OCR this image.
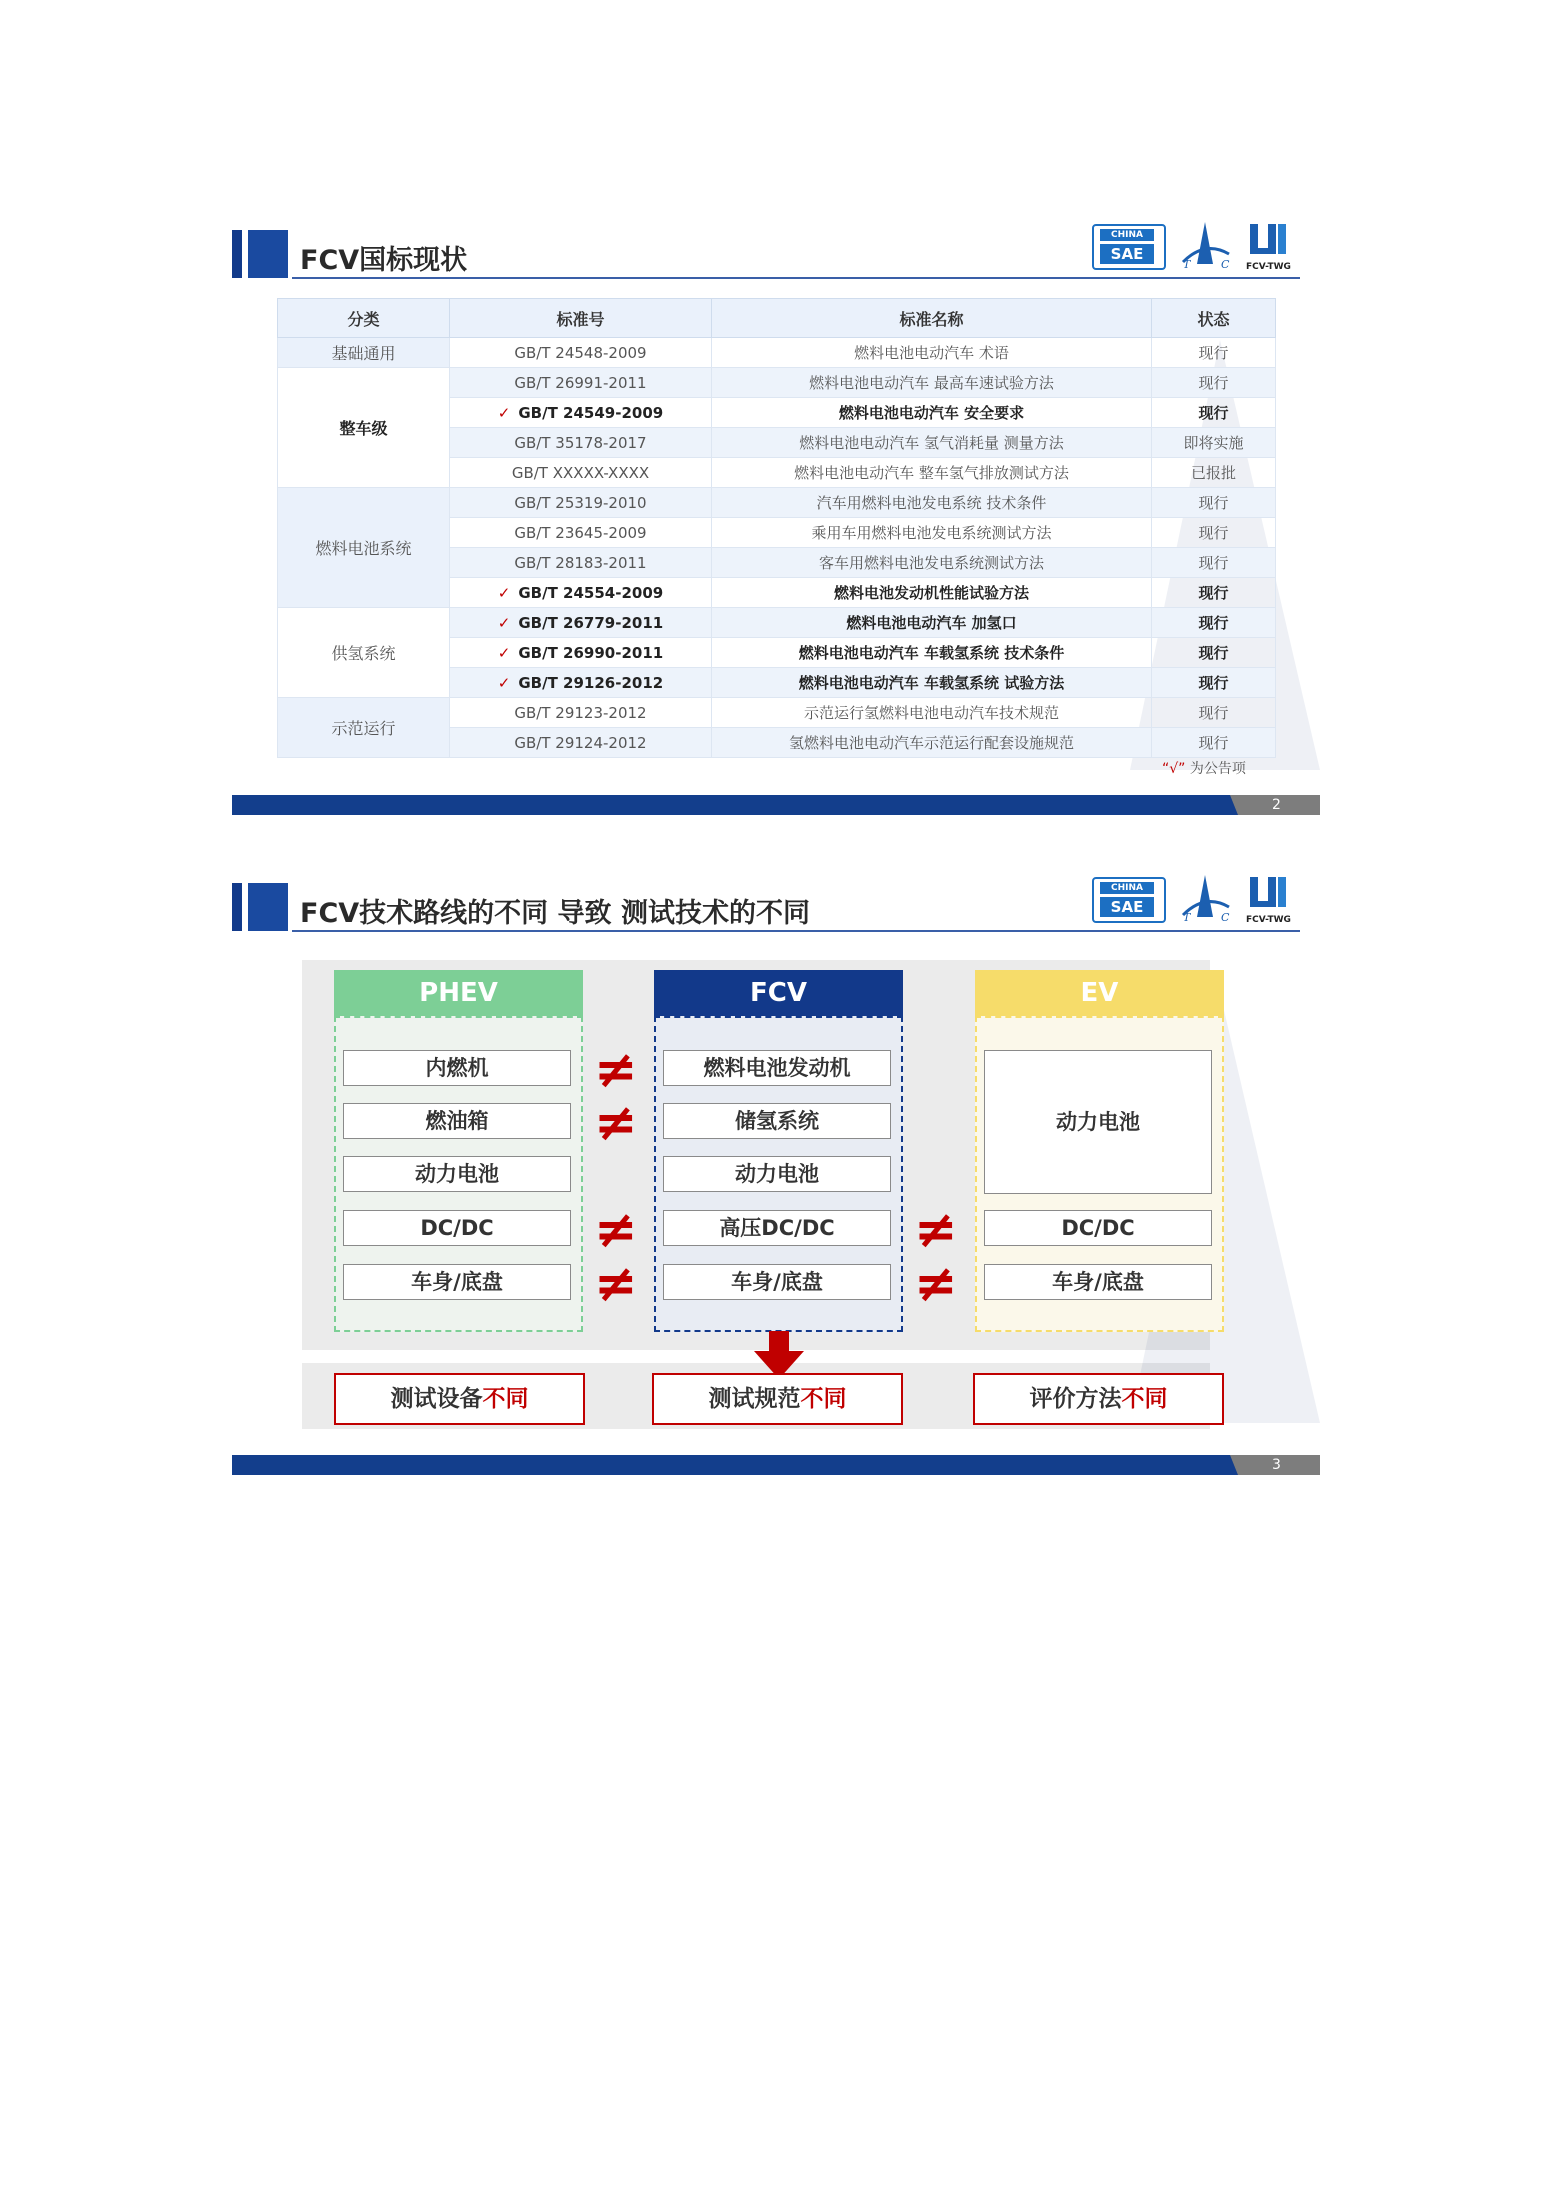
FCV国标现状
CHINA
SAE
T	C FCV-TWG
分类	标准号	标准名称	状态
基础通用	GB/T 24548-2009	燃料电池电动汽车 术语	现行
整车级	GB/T 26991-2011	燃料电池电动汽车 最高车速试验方法	现行
	✓ GB/T 24549-2009	燃料电池电动汽车 安全要求	现行
	GB/T 35178-2017	燃料电池电动汽车 氢气消耗量 测量方法	即将实施
	GB/T XXXXX-XXXX	燃料电池电动汽车 整车氢气排放测试方法	已报批
燃料电池系统	GB/T 25319-2010	汽车用燃料电池发电系统 技术条件	现行
	GB/T 23645-2009	乘用车用燃料电池发电系统测试方法	现行
	GB/T 28183-2011	客车用燃料电池发电系统测试方法	现行
	✓ GB/T 24554-2009	燃料电池发动机性能试验方法	现行
供氢系统	✓ GB/T 26779-2011	燃料电池电动汽车 加氢口	现行
	✓ GB/T 26990-2011	燃料电池电动汽车 车载氢系统 技术条件	现行
	✓ GB/T 29126-2012	燃料电池电动汽车 车载氢系统 试验方法	现行
示范运行	GB/T 29123-2012	示范运行氢燃料电池电动汽车技术规范	现行
	GB/T 29124-2012	氢燃料电池电动汽车示范运行配套设施规范	现行
“√” 为公告项
2
FCV技术路线的不同 导致 测试技术的不同
CHINA
SAE
T	C FCV-TWG
PHEV
内燃机
燃油箱
动力电池
DC/DC
车身/底盘
FCV
燃料电池发动机
储氢系统
动力电池
高压DC/DC
车身/底盘
EV
动力电池
DC/DC
车身/底盘
≠
≠
≠
≠
≠
≠
测试设备不同	测试规范不同	评价方法不同
3
